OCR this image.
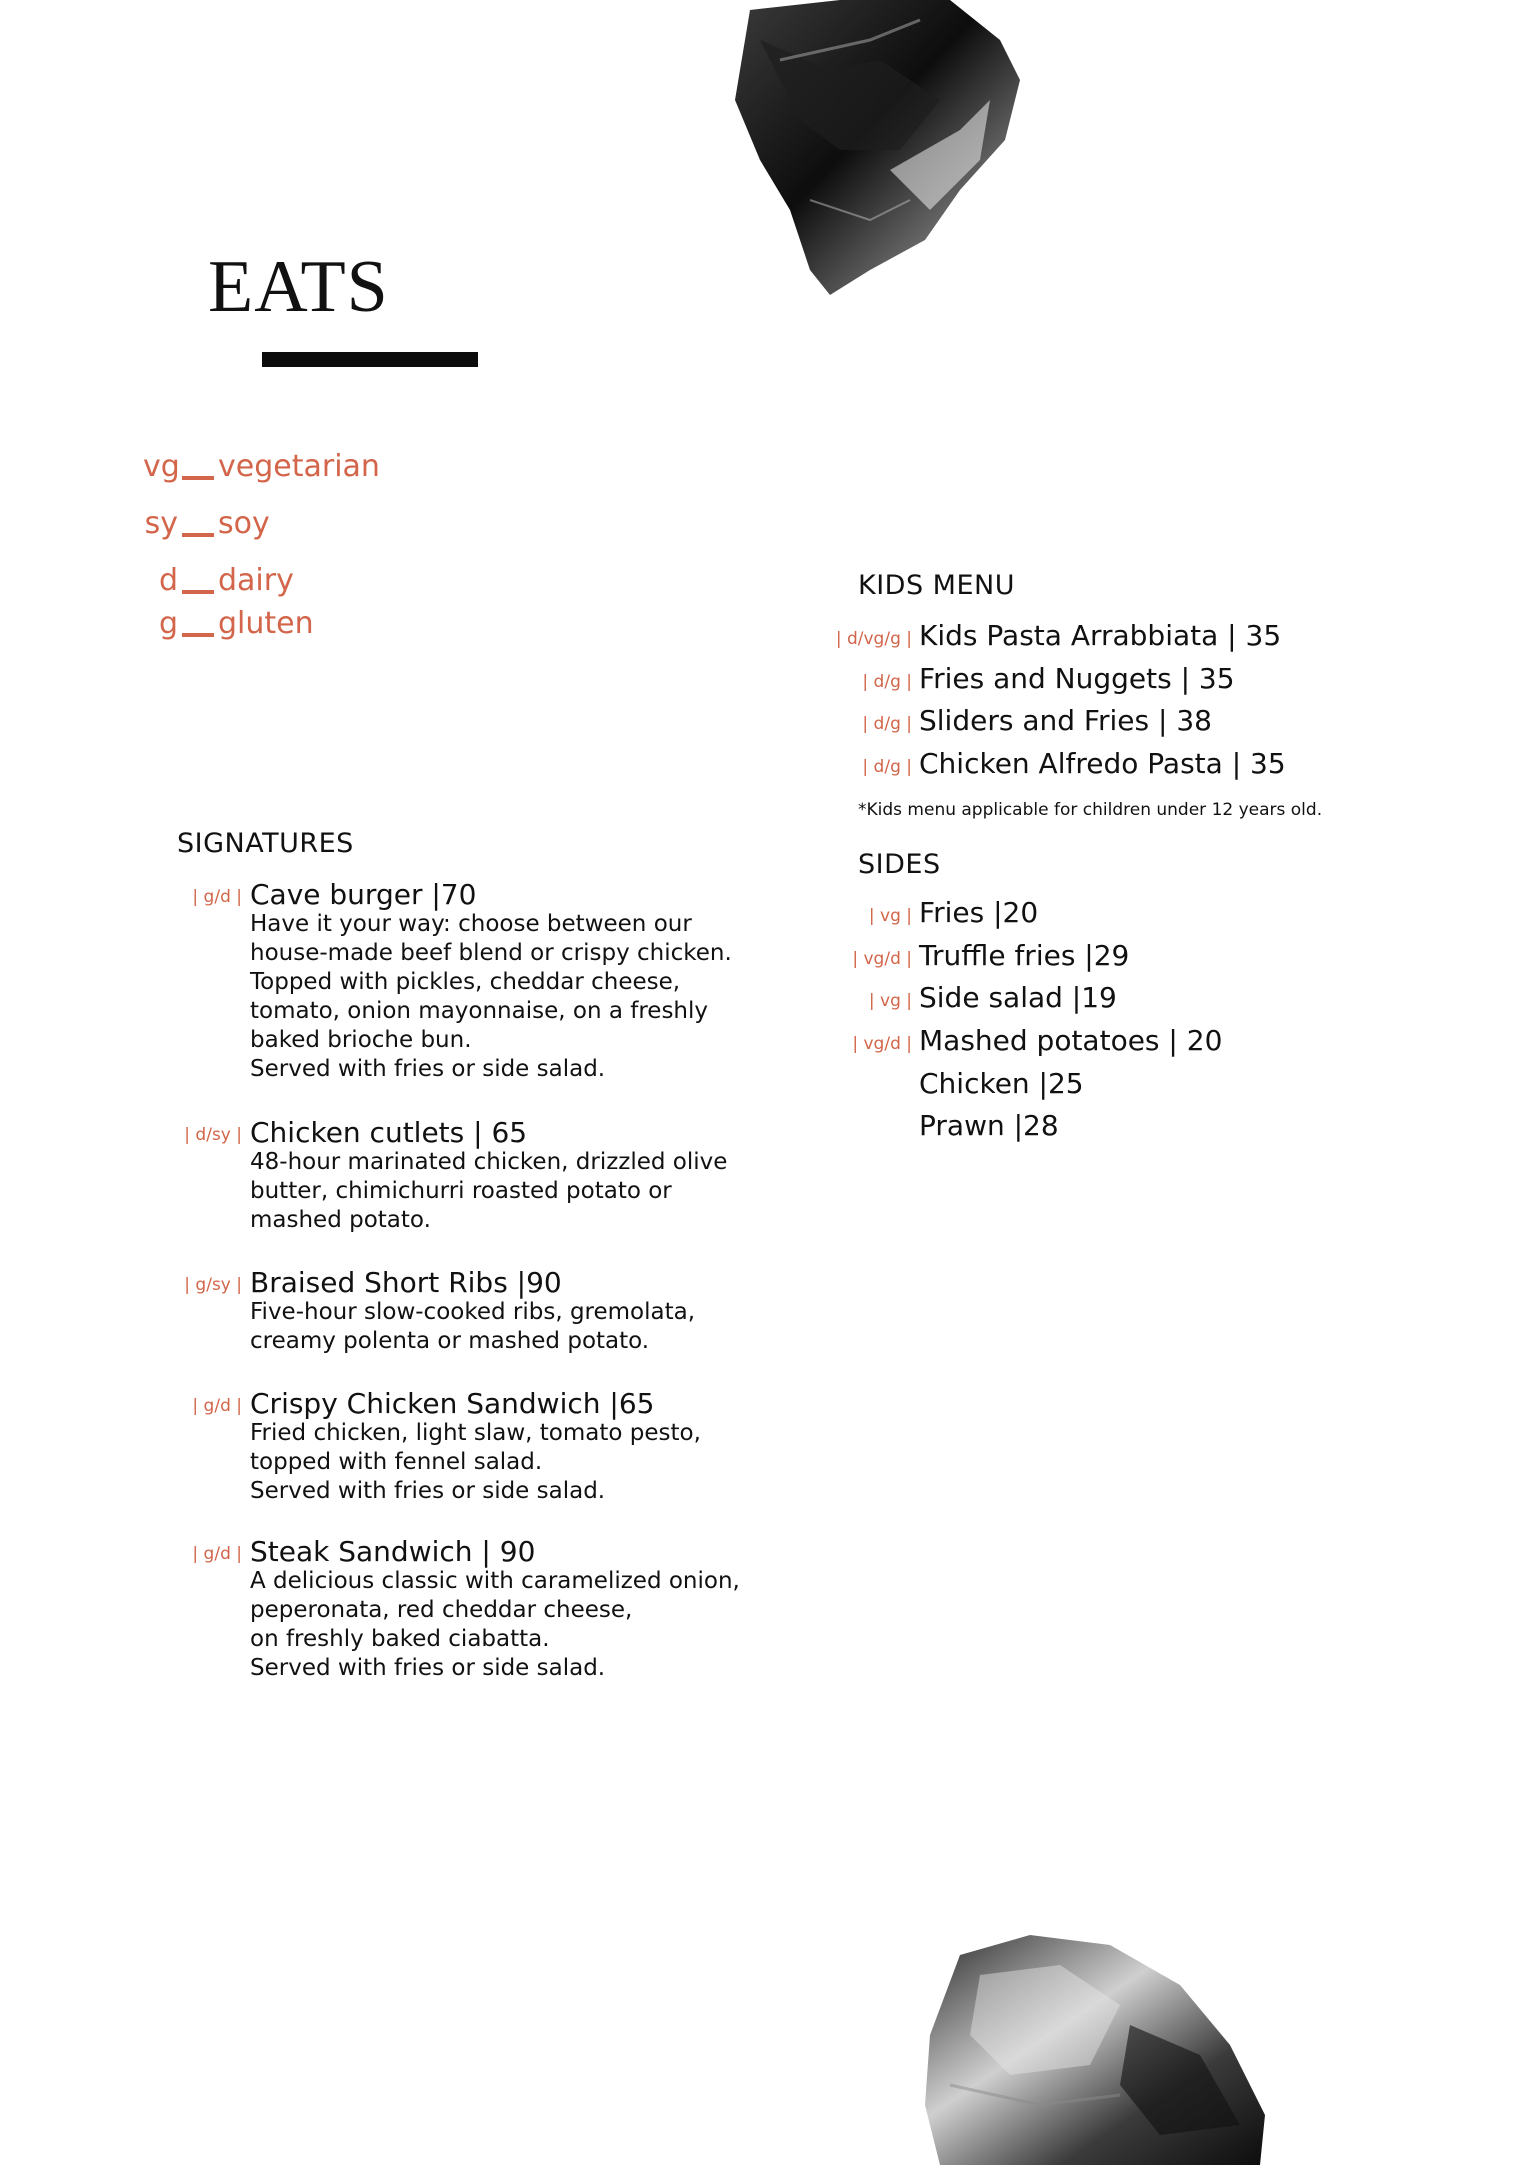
EATS
vg vegetarian
sy soy
d dairy
g gluten
SIGNATURES
| g/d | Cave burger |70
Have it your way: choose between our
house-made beef blend or crispy chicken.
Topped with pickles, cheddar cheese,
tomato, onion mayonnaise, on a freshly
baked brioche bun.
Served with fries or side salad.
| d/sy | Chicken cutlets | 65
48-hour marinated chicken, drizzled olive
butter, chimichurri roasted potato or
mashed potato.
| g/sy | Braised Short Ribs |90
Five-hour slow-cooked ribs, gremolata,
creamy polenta or mashed potato.
| g/d | Crispy Chicken Sandwich |65
Fried chicken, light slaw, tomato pesto,
topped with fennel salad.
Served with fries or side salad.
| g/d | Steak Sandwich | 90
A delicious classic with caramelized onion,
peperonata, red cheddar cheese,
on freshly baked ciabatta.
Served with fries or side salad.
KIDS MENU
| d/vg/g | Kids Pasta Arrabbiata | 35
| d/g | Fries and Nuggets | 35
| d/g | Sliders and Fries | 38
| d/g | Chicken Alfredo Pasta | 35
*Kids menu applicable for children under 12 years old.
SIDES
| vg | Fries |20
| vg/d | Truffle fries |29
| vg | Side salad |19
| vg/d | Mashed potatoes | 20
Chicken |25
Prawn |28
